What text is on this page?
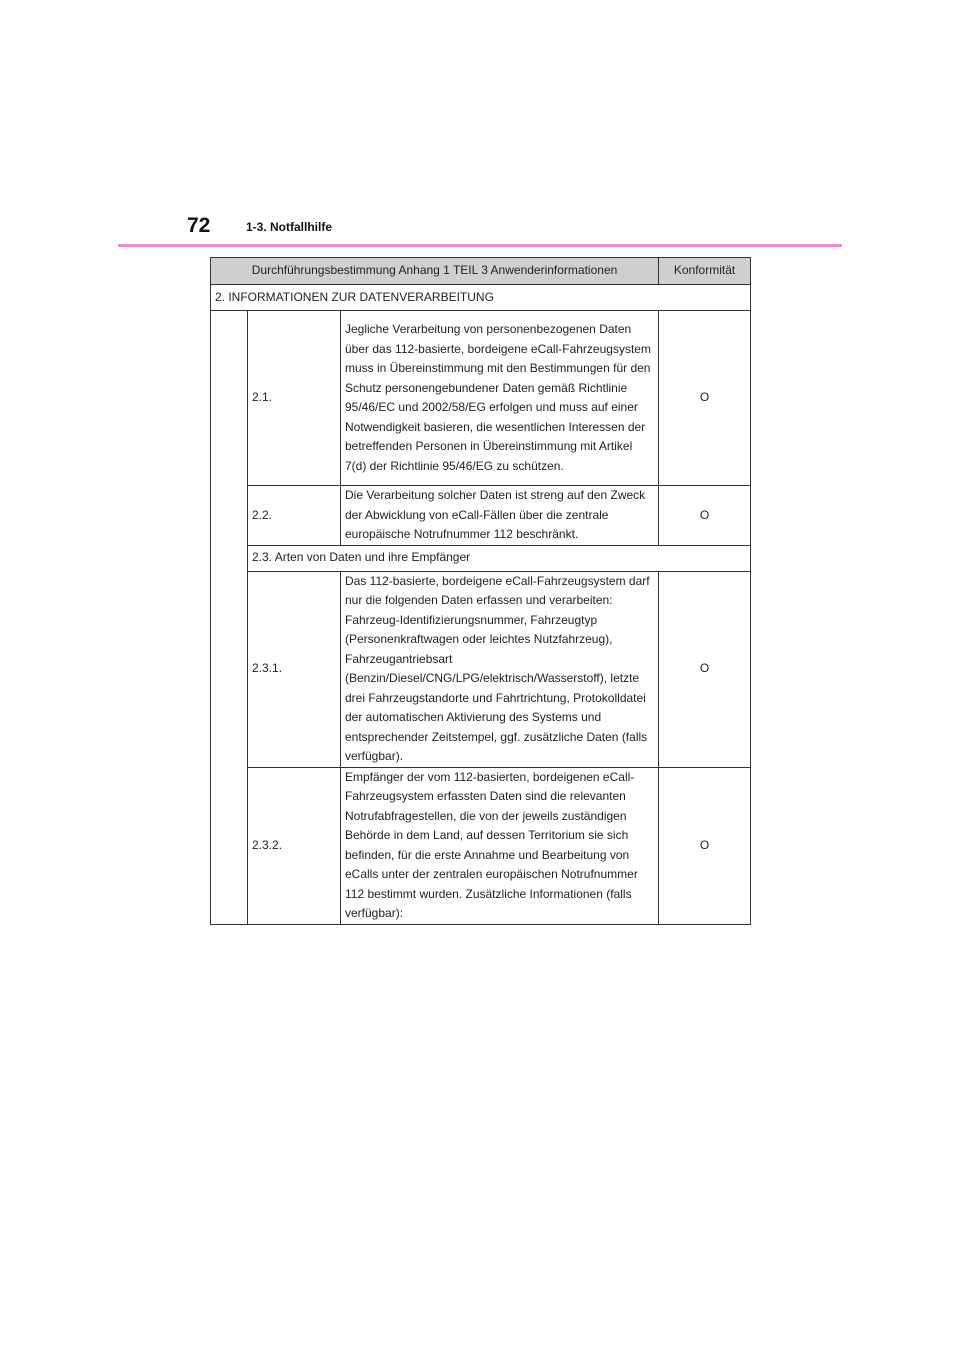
72	1-3. Notfallhilfe
Durchführungsbestimmung Anhang 1 TEIL 3 Anwenderinformationen			Konformität
2. INFORMATIONEN ZUR DATENVERARBEITUNG			
	2.1.	Jegliche Verarbeitung von personenbezogenen Daten über das 112-basierte, bordeigene eCall-Fahrzeugsystem muss in Übereinstimmung mit den Bestimmungen für den Schutz personengebundener Daten gemäß Richtlinie 95/46/EC und 2002/58/EG erfolgen und muss auf einer Notwendigkeit basieren, die wesentlichen Interessen der betreffenden Personen in Übereinstimmung mit Artikel 7(d) der Richtlinie 95/46/EG zu schützen.	O
	2.2.	Die Verarbeitung solcher Daten ist streng auf den Zweck der Abwicklung von eCall-Fällen über die zentrale europäische Notrufnummer 112 beschränkt.	O
	2.3. Arten von Daten und ihre Empfänger		
	2.3.1.	Das 112-basierte, bordeigene eCall-Fahrzeugsystem darf nur die folgenden Daten erfassen und verarbeiten: Fahrzeug-Identifizierungsnummer, Fahrzeugtyp (Personenkraftwagen oder leichtes Nutzfahrzeug), Fahrzeugantriebsart (Benzin/Diesel/CNG/LPG/elektrisch/Wasserstoff), letzte drei Fahrzeugstandorte und Fahrtrichtung, Protokolldatei der automatischen Aktivierung des Systems und entsprechender Zeitstempel, ggf. zusätzliche Daten (falls verfügbar).	O
	2.3.2.	Empfänger der vom 112-basierten, bordeigenen eCall-Fahrzeugsystem erfassten Daten sind die relevanten Notrufabfragestellen, die von der jeweils zuständigen Behörde in dem Land, auf dessen Territorium sie sich befinden, für die erste Annahme und Bearbeitung von eCalls unter der zentralen europäischen Notrufnummer 112 bestimmt wurden. Zusätzliche Informationen (falls verfügbar):	O
